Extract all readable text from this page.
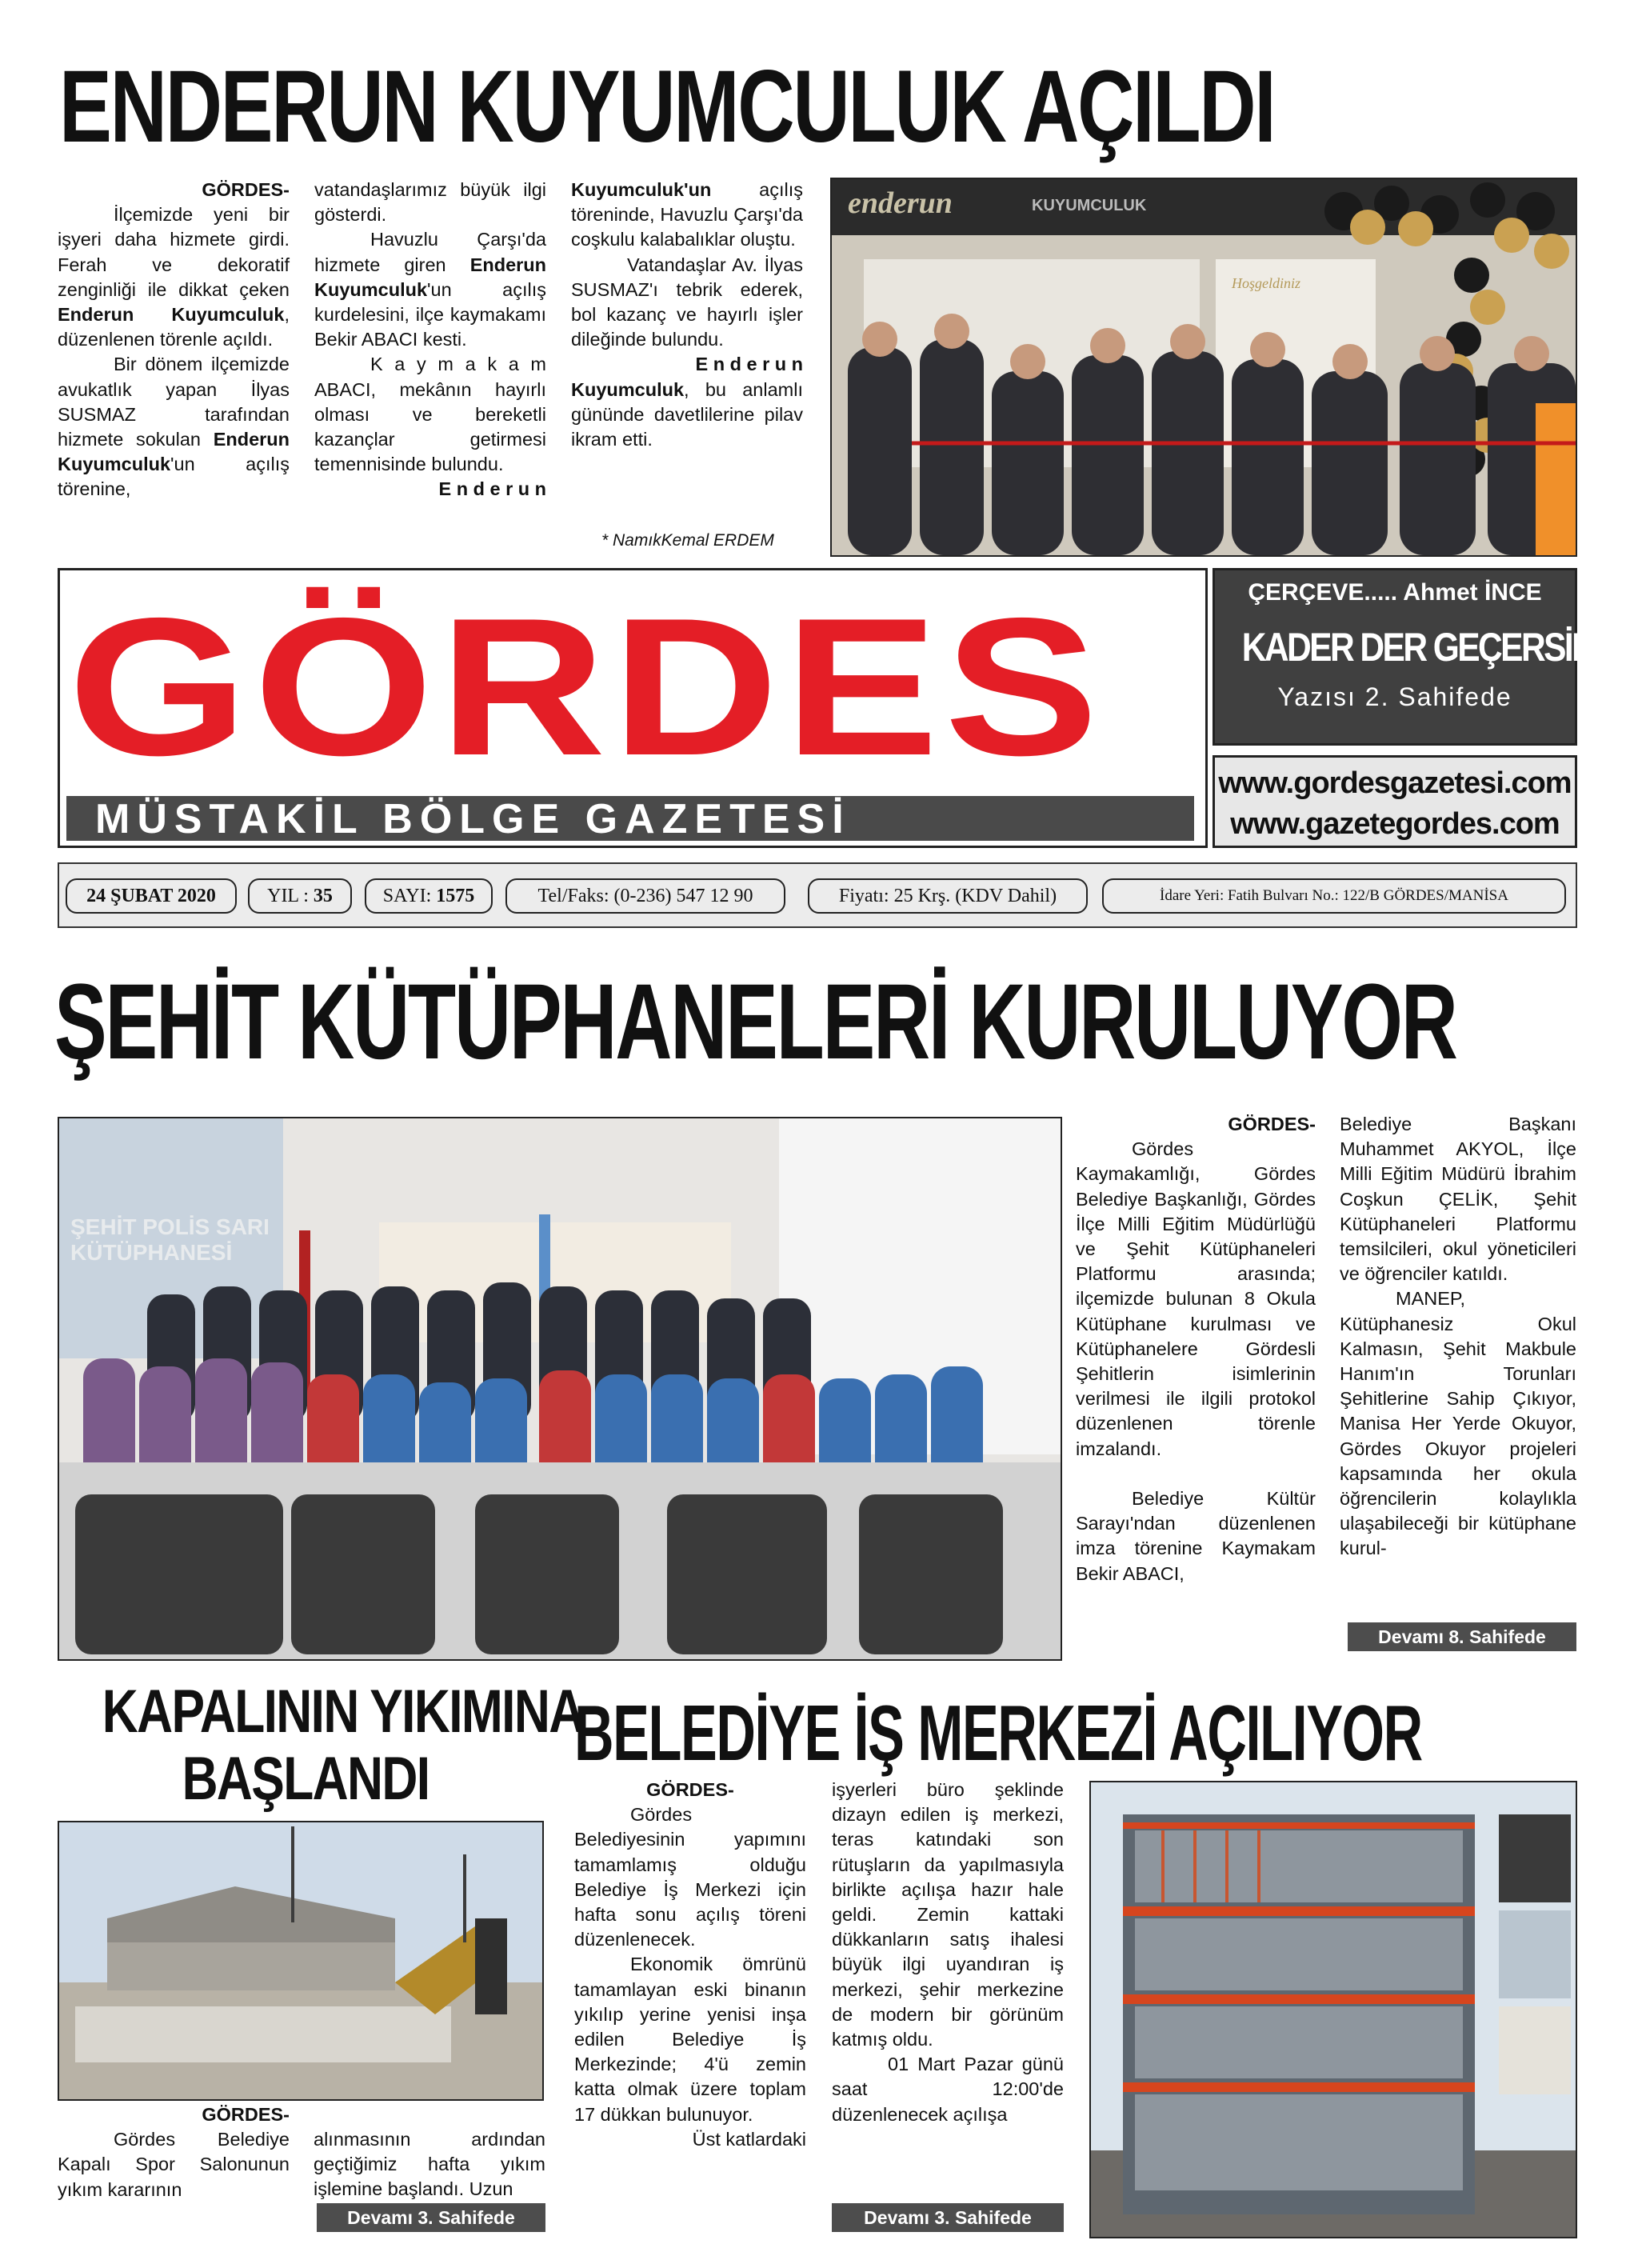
ENDERUN KUYUMCULUK AÇILDI
GÖRDES-

İlçemizde yeni bir işyeri daha hizmete girdi. Ferah ve dekoratif zenginliği ile dikkat çeken Enderun Kuyumculuk, düzenlenen törenle açıldı.

Bir dönem ilçemizde avukatlık yapan İlyas SUSMAZ tarafından hizmete sokulan Enderun Kuyumculuk'un açılış törenine,

vatandaşlarımız büyük ilgi gösterdi.

Havuzlu Çarşı'da hizmete giren Enderun Kuyumculuk'un açılış kurdelesini, ilçe kaymakamı Bekir ABACI kesti.

K a y m a k a m ABACI, mekânın hayırlı olması ve bereketli kazançlar getirmesi temennisinde bulundu.

E n d e r u n

Kuyumculuk'un açılış töreninde, Havuzlu Çarşı'da coşkulu kalabalıklar oluştu.

Vatandaşlar Av. İlyas SUSMAZ'ı tebrik ederek, bol kazanç ve hayırlı işler dileğinde bulundu.

E n d e r u n

Kuyumculuk, bu anlamlı gününde davetlilerine pilav ikram etti.

* NamıkKemal ERDEM
enderun	KUYUMCULUK
Hoşgeldiniz
GÖRDES
MÜSTAKİL BÖLGE GAZETESİ
ÇERÇEVE..... Ahmet İNCE
KADER DER GEÇERSİN!!!
Yazısı 2. Sahifede
www.gordesgazetesi.com
www.gazetegordes.com
24 ŞUBAT 2020	YIL : 35	SAYI: 1575	Tel/Faks: (0-236) 547 12 90	Fiyatı: 25 Krş. (KDV Dahil)	İdare Yeri: Fatih Bulvarı No.: 122/B GÖRDES/MANİSA
ŞEHİT KÜTÜPHANELERİ KURULUYOR
ŞEHİT POLİS SARI KÜTÜPHANESİ
GÖRDES-

Gördes Kaymakamlığı, Gördes Belediye Başkanlığı, Gördes İlçe Milli Eğitim Müdürlüğü ve Şehit Kütüphaneleri Platformu arasında; ilçemizde bulunan 8 Okula Kütüphane kurulması ve Kütüphanelere Gördesli Şehitlerin isimlerinin verilmesi ile ilgili protokol düzenlenen törenle imzalandı.

Belediye Kültür Sarayı'ndan düzenlenen imza törenine Kaymakam Bekir ABACI,

Belediye Başkanı Muhammet AKYOL, İlçe Milli Eğitim Müdürü İbrahim Coşkun ÇELİK, Şehit Kütüphaneleri Platformu temsilcileri, okul yöneticileri ve öğrenciler katıldı.

MANEP, Kütüphanesiz Okul Kalmasın, Şehit Makbule Hanım'ın Torunları Şehitlerine Sahip Çıkıyor, Manisa Her Yerde Okuyor, Gördes Okuyor projeleri kapsamında her okula öğrencilerin kolaylıkla ulaşabileceği bir kütüphane kurul-

Devamı 8. Sahifede
KAPALININ YIKIMINA
BAŞLANDI
GÖRDES-

Gördes Belediye Kapalı Spor Salonunun yıkım kararının

alınmasının ardından geçtiğimiz hafta yıkım işlemine başlandı. Uzun

Devamı 3. Sahifede
BELEDİYE İŞ MERKEZİ AÇILIYOR
GÖRDES-

Gördes Belediyesinin yapımını tamamlamış olduğu Belediye İş Merkezi için hafta sonu açılış töreni düzenlenecek.

Ekonomik ömrünü tamamlayan eski binanın yıkılıp yerine yenisi inşa edilen Belediye İş Merkezinde; 4'ü zemin katta olmak üzere toplam 17 dükkan bulunuyor.

Üst katlardaki

işyerleri büro şeklinde dizayn edilen iş merkezi, teras katındaki son rütuşların da yapılmasıyla birlikte açılışa hazır hale geldi. Zemin kattaki dükkanların satış ihalesi büyük ilgi uyandıran iş merkezi, şehir merkezine de modern bir görünüm katmış oldu.

01 Mart Pazar günü saat 12:00'de düzenlenecek açılışa

Devamı 3. Sahifede
